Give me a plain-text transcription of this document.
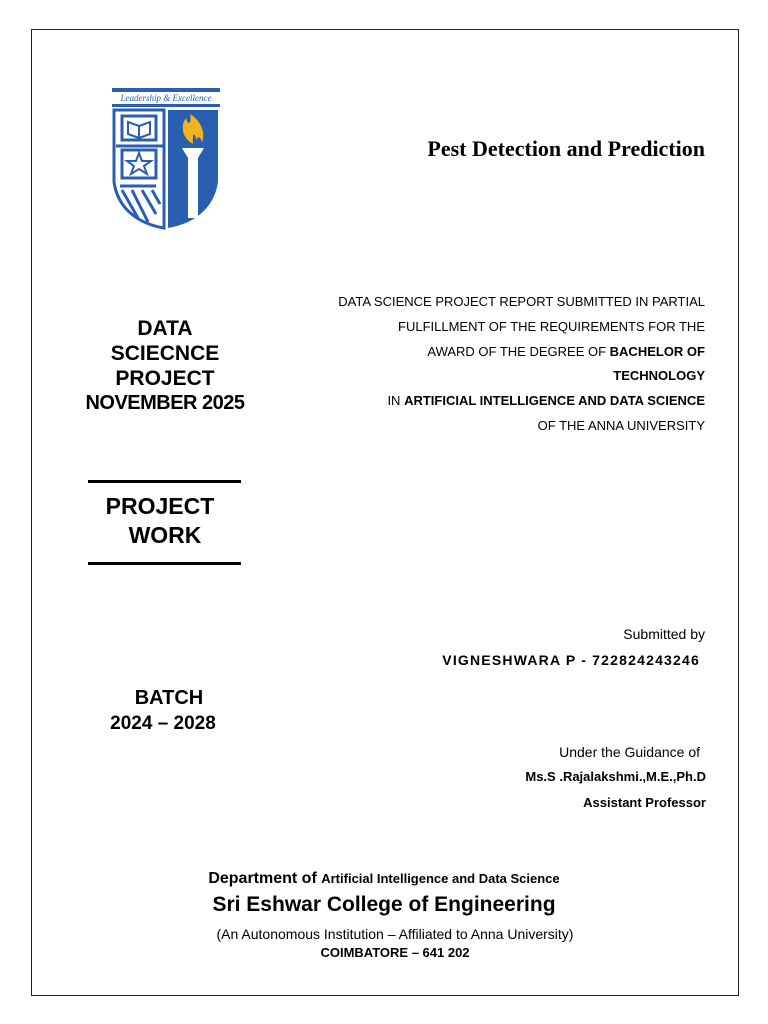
Leadership & Excellence
Pest Detection and Prediction
DATA SCIENCE PROJECT REPORT SUBMITTED IN PARTIAL
FULFILLMENT OF THE REQUIREMENTS FOR THE
AWARD OF THE DEGREE OF BACHELOR OF
TECHNOLOGY
IN ARTIFICIAL INTELLIGENCE AND DATA SCIENCE
OF THE ANNA UNIVERSITY
DATA
SCIECNCE
PROJECT
NOVEMBER 2025
PROJECT
WORK
BATCH
2024 – 2028
Submitted by
VIGNESHWARA P - 722824243246
Under the Guidance of
Ms.S .Rajalakshmi.,M.E.,Ph.D
Assistant Professor
Department of Artificial Intelligence and Data Science
Sri Eshwar College of Engineering
(An Autonomous Institution – Affiliated to Anna University)
COIMBATORE – 641 202
